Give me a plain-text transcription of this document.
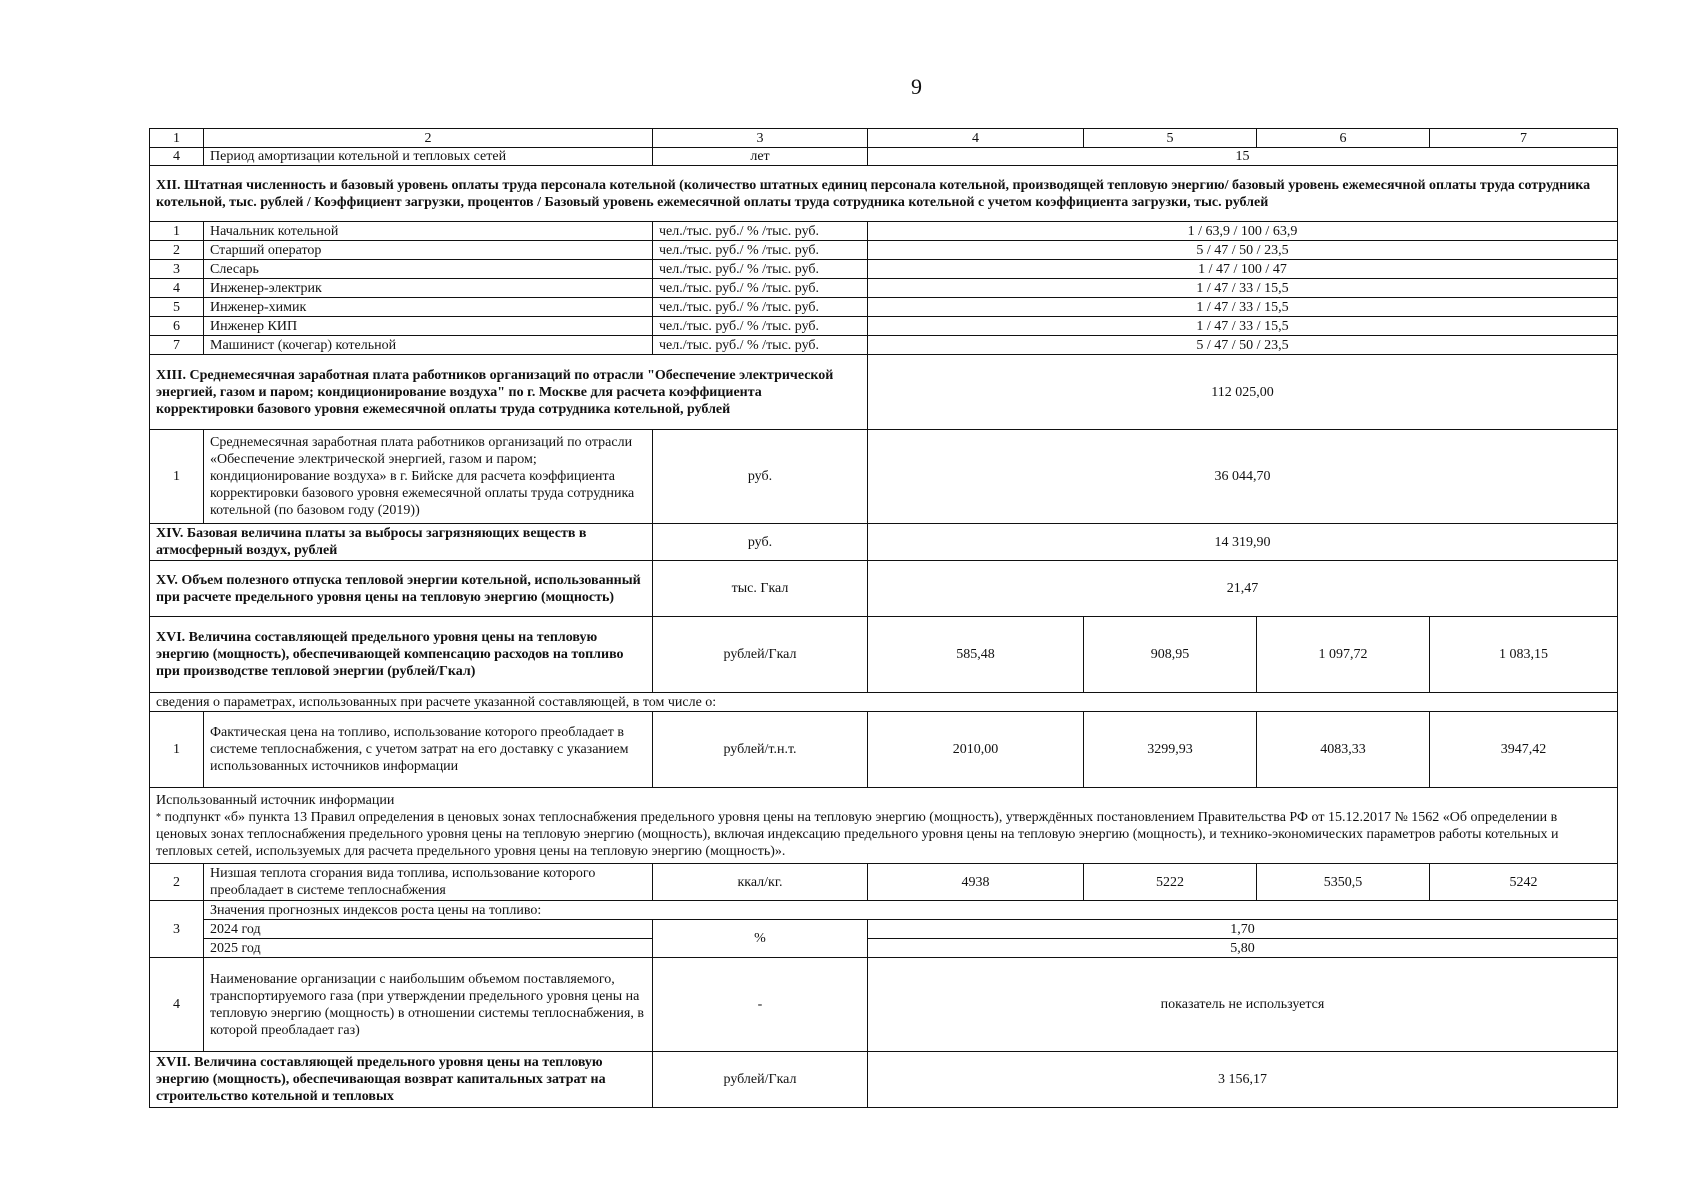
9
1	2	3	4	5	6	7
4	Период амортизации котельной и тепловых сетей	лет	15			
XII. Штатная численность и базовый уровень оплаты труда персонала котельной (количество штатных единиц персонала котельной, производящей тепловую энергию/ базовый уровень ежемесячной оплаты труда сотрудника котельной, тыс. рублей / Коэффициент загрузки, процентов / Базовый уровень ежемесячной оплаты труда сотрудника котельной с учетом коэффициента загрузки, тыс. рублей						
1	Начальник котельной	чел./тыс. руб./ % /тыс. руб.	1 / 63,9 / 100 / 63,9			
2	Старший оператор	чел./тыс. руб./ % /тыс. руб.	5 / 47 / 50 / 23,5			
3	Слесарь	чел./тыс. руб./ % /тыс. руб.	1 / 47 / 100 / 47			
4	Инженер-электрик	чел./тыс. руб./ % /тыс. руб.	1 / 47 / 33 / 15,5			
5	Инженер-химик	чел./тыс. руб./ % /тыс. руб.	1 / 47 / 33 / 15,5			
6	Инженер КИП	чел./тыс. руб./ % /тыс. руб.	1 / 47 / 33 / 15,5			
7	Машинист (кочегар) котельной	чел./тыс. руб./ % /тыс. руб.	5 / 47 / 50 / 23,5			
XIII. Среднемесячная заработная плата работников организаций по отрасли "Обеспечение электрической энергией, газом и паром; кондиционирование воздуха" по г. Москве для расчета коэффициента корректировки базового уровня ежемесячной оплаты труда сотрудника котельной, рублей			112 025,00			
1	Среднемесячная заработная плата работников организаций по отрасли «Обеспечение электрической энергией, газом и паром; кондиционирование воздуха» в г. Бийске для расчета коэффициента корректировки базового уровня ежемесячной оплаты труда сотрудника котельной (по базовом году (2019))	руб.	36 044,70			
XIV. Базовая величина платы за выбросы загрязняющих веществ в атмосферный воздух, рублей		руб.	14 319,90			
XV. Объем полезного отпуска тепловой энергии котельной, использованный при расчете предельного уровня цены на тепловую энергию (мощность)		тыс. Гкал	21,47			
XVI. Величина составляющей предельного уровня цены на тепловую энергию (мощность), обеспечивающей компенсацию расходов на топливо при производстве тепловой энергии (рублей/Гкал)		рублей/Гкал	585,48	908,95	1 097,72	1 083,15
сведения о параметрах, использованных при расчете указанной составляющей, в том числе о:						
1	Фактическая цена на топливо, использование которого преобладает в системе теплоснабжения, с учетом затрат на его доставку с указанием использованных источников информации	рублей/т.н.т.	2010,00	3299,93	4083,33	3947,42

Использованный источник информации
* подпункт «б» пункта 13 Правил определения в ценовых зонах теплоснабжения предельного уровня цены на тепловую энергию (мощность), утверждённых постановлением Правительства РФ от 15.12.2017 № 1562 «Об определении в ценовых зонах теплоснабжения предельного уровня цены на тепловую энергию (мощность), включая индексацию предельного уровня цены на тепловую энергию (мощность), и технико-экономических параметров работы котельных и тепловых сетей, используемых для расчета предельного уровня цены на тепловую энергию (мощность)».						

2	Низшая теплота сгорания вида топлива, использование которого преобладает в системе теплоснабжения	ккал/кг.	4938	5222	5350,5	5242
3	Значения прогнозных индексов роста цены на топливо:					
	2024 год	%	1,70			
	2025 год		5,80			
4	Наименование организации с наибольшим объемом поставляемого, транспортируемого газа (при утверждении предельного уровня цены на тепловую энергию (мощность) в отношении системы теплоснабжения, в которой преобладает газ)	-	показатель не используется			
XVII. Величина составляющей предельного уровня цены на тепловую энергию (мощность), обеспечивающая возврат капитальных затрат на строительство котельной и тепловых		рублей/Гкал	3 156,17			
